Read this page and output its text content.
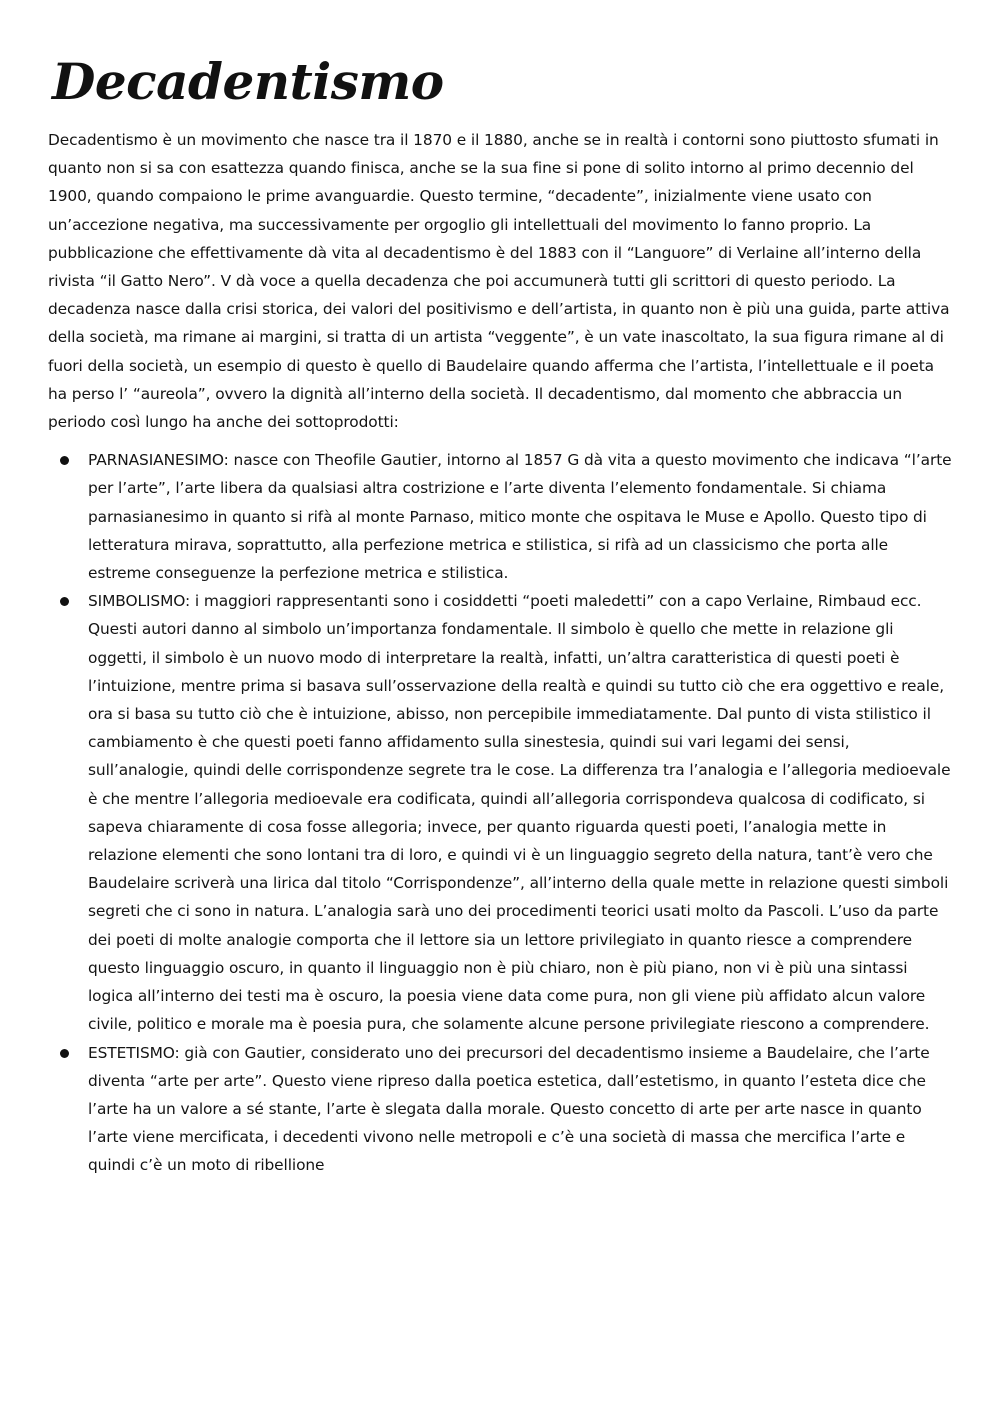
Decadentismo

Decadentismo è un movimento che nasce tra il 1870 e il 1880, anche se in realtà i contorni sono piuttosto sfumati in quanto non si sa con esattezza quando finisca, anche se la sua fine si pone di solito intorno al primo decennio del 1900, quando compaiono le prime avanguardie. Questo termine, “decadente”, inizialmente viene usato con un’accezione negativa, ma successivamente per orgoglio gli intellettuali del movimento lo fanno proprio. La pubblicazione che effettivamente dà vita al decadentismo è del 1883 con il “Languore” di Verlaine all’interno della rivista “il Gatto Nero”. V dà voce a quella decadenza che poi accumunerà tutti gli scrittori di questo periodo. La decadenza nasce dalla crisi storica, dei valori del positivismo e dell’artista, in quanto non è più una guida, parte attiva della società, ma rimane ai margini, si tratta di un artista “veggente”, è un vate inascoltato, la sua figura rimane al di fuori della società, un esempio di questo è quello di Baudelaire quando afferma che l’artista, l’intellettuale e il poeta ha perso l’ “aureola”, ovvero la dignità all’interno della società. Il decadentismo, dal momento che abbraccia un periodo così lungo ha anche dei sottoprodotti:

PARNASIANESIMO: nasce con Theofile Gautier, intorno al 1857 G dà vita a questo movimento che indicava “l’arte per l’arte”, l’arte libera da qualsiasi altra costrizione e l’arte diventa l’elemento fondamentale. Si chiama parnasianesimo in quanto si rifà al monte Parnaso, mitico monte che ospitava le Muse e Apollo. Questo tipo di letteratura mirava, soprattutto, alla perfezione metrica e stilistica, si rifà ad un classicismo che porta alle estreme conseguenze la perfezione metrica e stilistica.
SIMBOLISMO: i maggiori rappresentanti sono i cosiddetti “poeti maledetti” con a capo Verlaine, Rimbaud ecc. Questi autori danno al simbolo un’importanza fondamentale. Il simbolo è quello che mette in relazione gli oggetti, il simbolo è un nuovo modo di interpretare la realtà, infatti, un’altra caratteristica di questi poeti è l’intuizione, mentre prima si basava sull’osservazione della realtà e quindi su tutto ciò che era oggettivo e reale, ora si basa su tutto ciò che è intuizione, abisso, non percepibile immediatamente. Dal punto di vista stilistico il cambiamento è che questi poeti fanno affidamento sulla sinestesia, quindi sui vari legami dei sensi, sull’analogie, quindi delle corrispondenze segrete tra le cose. La differenza tra l’analogia e l’allegoria medioevale è che mentre l’allegoria medioevale era codificata, quindi all’allegoria corrispondeva qualcosa di codificato, si sapeva chiaramente di cosa fosse allegoria; invece, per quanto riguarda questi poeti, l’analogia mette in relazione elementi che sono lontani tra di loro, e quindi vi è un linguaggio segreto della natura, tant’è vero che Baudelaire scriverà una lirica dal titolo “Corrispondenze”, all’interno della quale mette in relazione questi simboli segreti che ci sono in natura. L’analogia sarà uno dei procedimenti teorici usati molto da Pascoli. L’uso da parte dei poeti di molte analogie comporta che il lettore sia un lettore privilegiato in quanto riesce a comprendere questo linguaggio oscuro, in quanto il linguaggio non è più chiaro, non è più piano, non vi è più una sintassi logica all’interno dei testi ma è oscuro, la poesia viene data come pura, non gli viene più affidato alcun valore civile, politico e morale ma è poesia pura, che solamente alcune persone privilegiate riescono a comprendere.
ESTETISMO: già con Gautier, considerato uno dei precursori del decadentismo insieme a Baudelaire, che l’arte diventa “arte per arte”. Questo viene ripreso dalla poetica estetica, dall’estetismo, in quanto l’esteta dice che l’arte ha un valore a sé stante, l’arte è slegata dalla morale. Questo concetto di arte per arte nasce in quanto l’arte viene mercificata, i decedenti vivono nelle metropoli e c’è una società di massa che mercifica l’arte e quindi c’è un moto di ribellione
